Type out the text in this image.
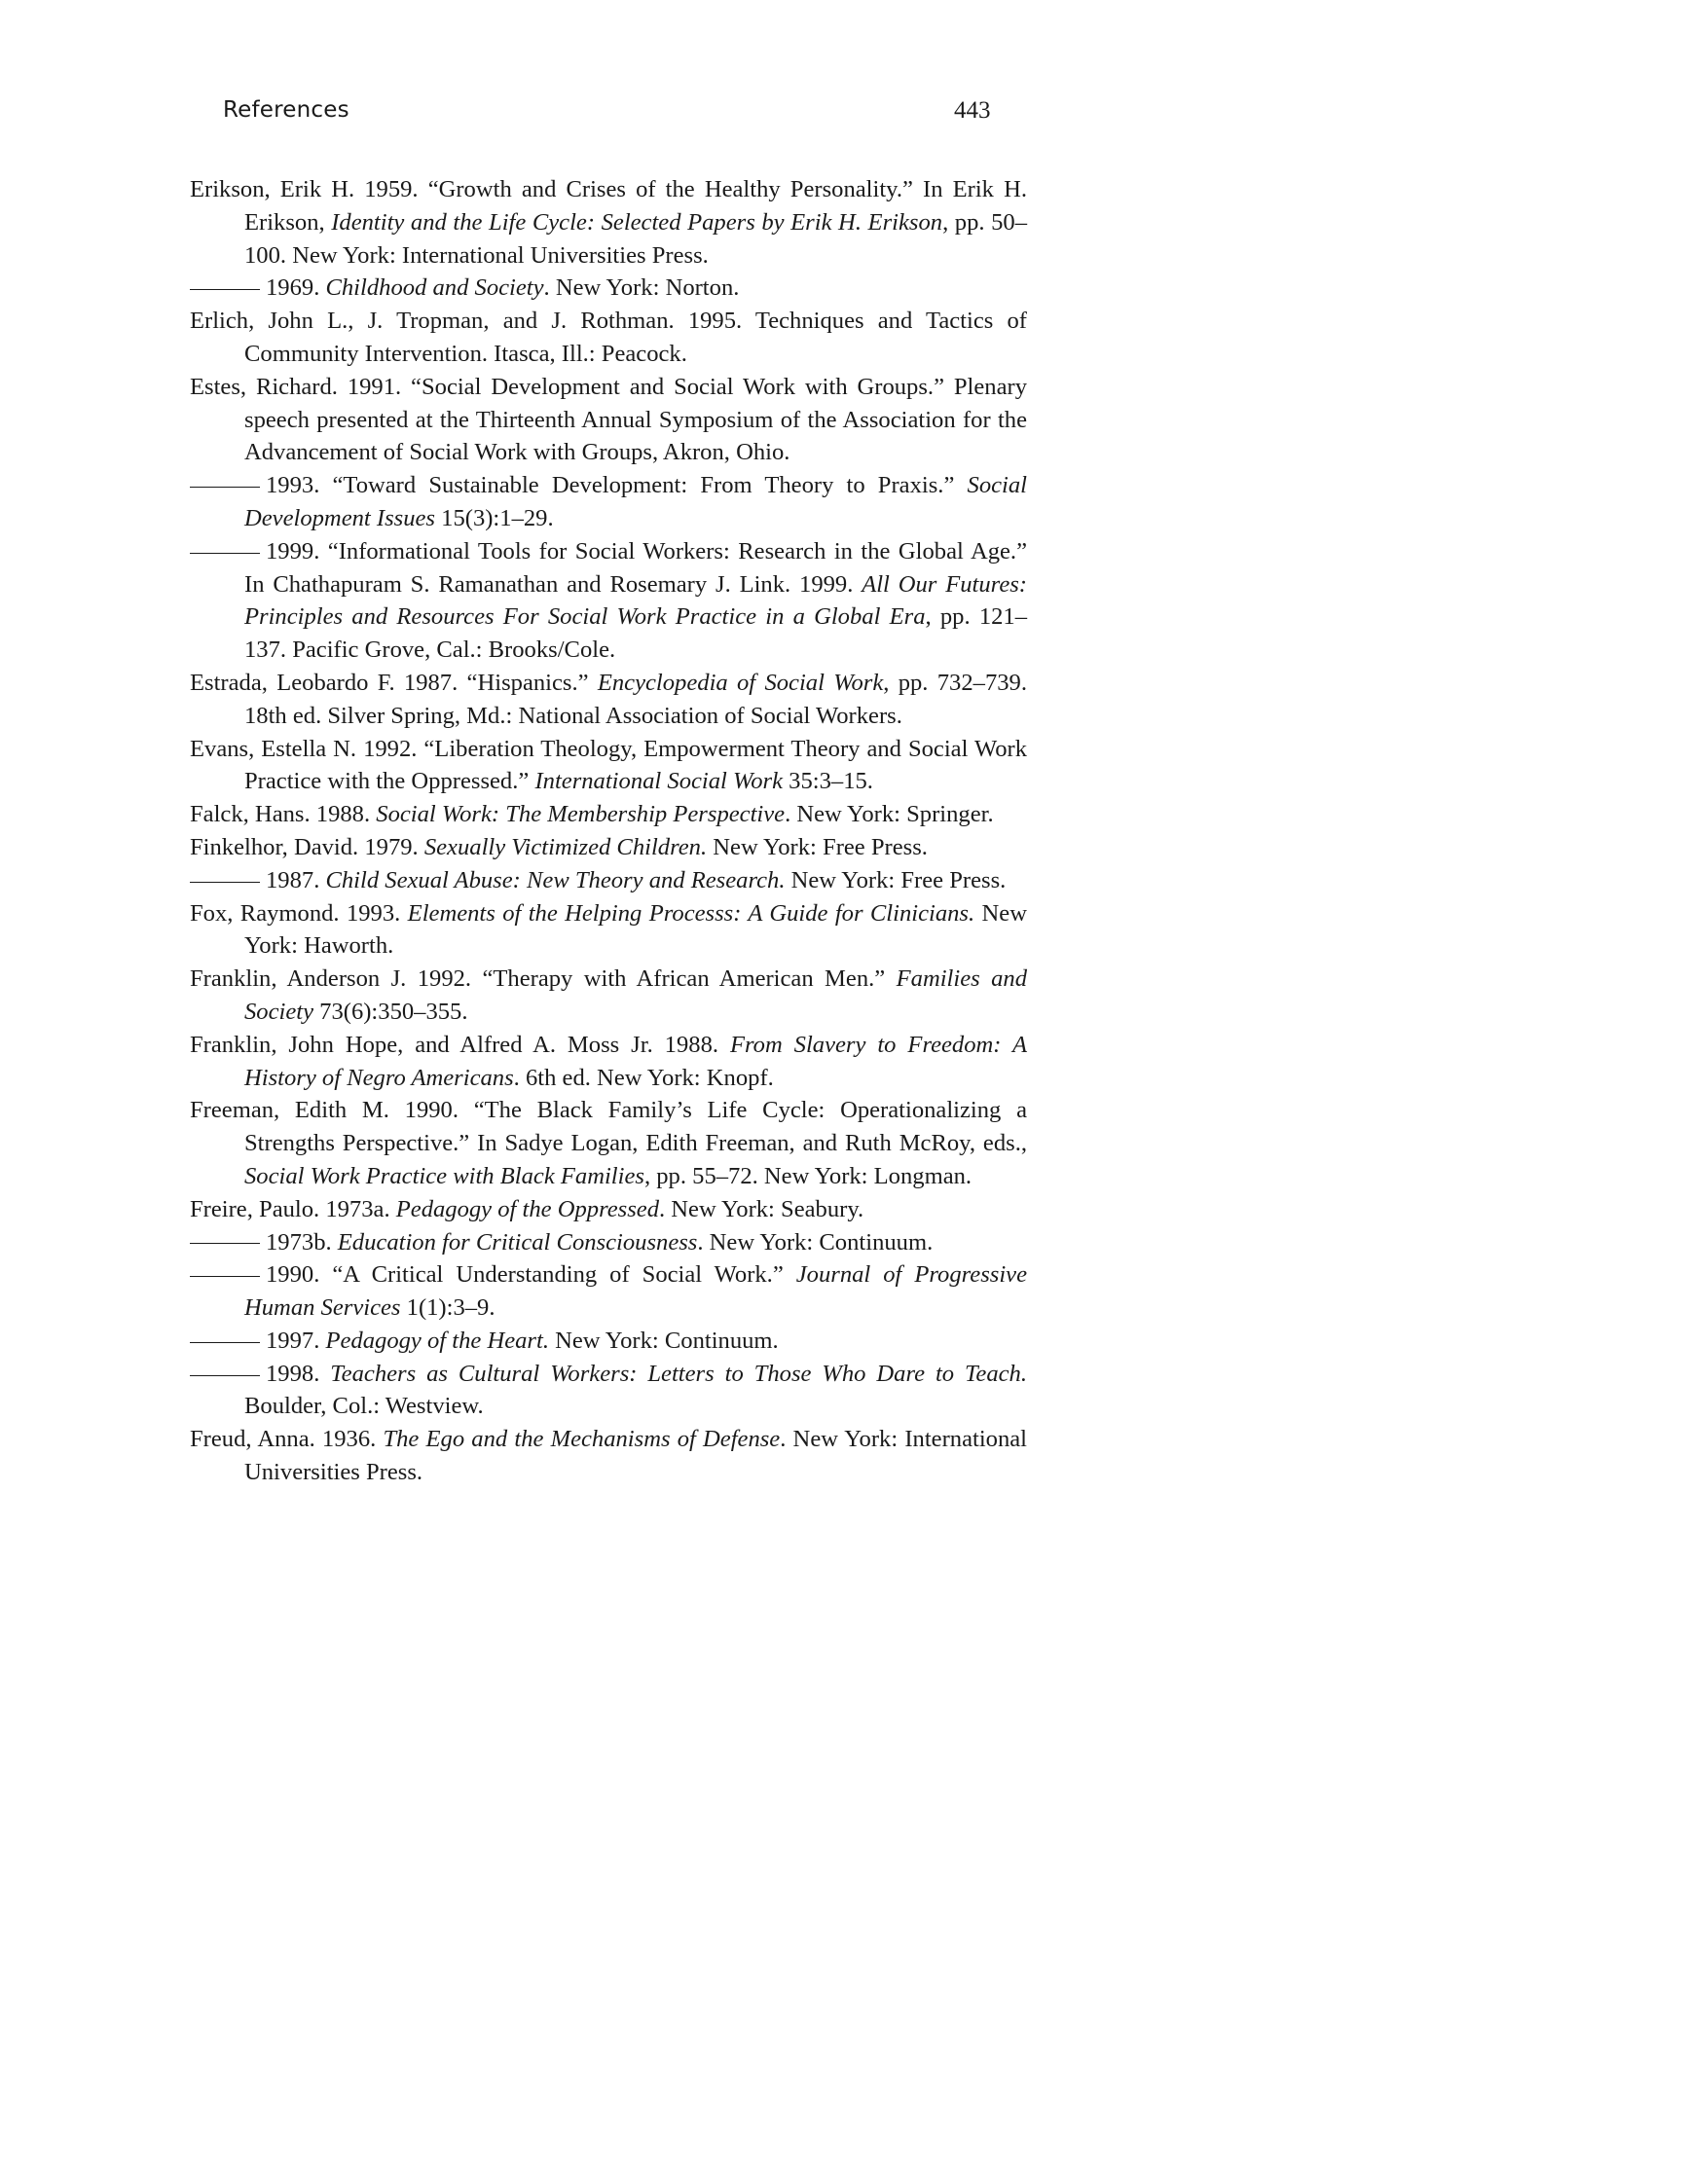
References	443

Erikson, Erik H. 1959. “Growth and Crises of the Healthy Personality.” In Erik H. Erikson, Identity and the Life Cycle: Selected Papers by Erik H. Erikson, pp. 50–100. New York: International Universities Press.

1969. Childhood and Society. New York: Norton.

Erlich, John L., J. Tropman, and J. Rothman. 1995. Techniques and Tactics of Community Intervention. Itasca, Ill.: Peacock.

Estes, Richard. 1991. “Social Development and Social Work with Groups.” Plenary speech presented at the Thirteenth Annual Symposium of the Association for the Advancement of Social Work with Groups, Akron, Ohio.

1993. “Toward Sustainable Development: From Theory to Praxis.” Social Development Issues 15(3):1–29.

1999. “Informational Tools for Social Workers: Research in the Global Age.” In Chathapuram S. Ramanathan and Rosemary J. Link. 1999. All Our Futures: Principles and Resources For Social Work Practice in a Global Era, pp. 121–137. Pacific Grove, Cal.: Brooks/Cole.

Estrada, Leobardo F. 1987. “Hispanics.” Encyclopedia of Social Work, pp. 732–739. 18th ed. Silver Spring, Md.: National Association of Social Workers.

Evans, Estella N. 1992. “Liberation Theology, Empowerment Theory and Social Work Practice with the Oppressed.” International Social Work 35:3–15.

Falck, Hans. 1988. Social Work: The Membership Perspective. New York: Springer.

Finkelhor, David. 1979. Sexually Victimized Children. New York: Free Press.

1987. Child Sexual Abuse: New Theory and Research. New York: Free Press.

Fox, Raymond. 1993. Elements of the Helping Processs: A Guide for Clinicians. New York: Haworth.

Franklin, Anderson J. 1992. “Therapy with African American Men.” Families and Society 73(6):350–355.

Franklin, John Hope, and Alfred A. Moss Jr. 1988. From Slavery to Freedom: A History of Negro Americans. 6th ed. New York: Knopf.

Freeman, Edith M. 1990. “The Black Family’s Life Cycle: Operationalizing a Strengths Perspective.” In Sadye Logan, Edith Freeman, and Ruth McRoy, eds., Social Work Practice with Black Families, pp. 55–72. New York: Longman.

Freire, Paulo. 1973a. Pedagogy of the Oppressed. New York: Seabury.

1973b. Education for Critical Consciousness. New York: Continuum.

1990. “A Critical Understanding of Social Work.” Journal of Progressive Human Services 1(1):3–9.

1997. Pedagogy of the Heart. New York: Continuum.

1998. Teachers as Cultural Workers: Letters to Those Who Dare to Teach. Boulder, Col.: Westview.

Freud, Anna. 1936. The Ego and the Mechanisms of Defense. New York: International Universities Press.
